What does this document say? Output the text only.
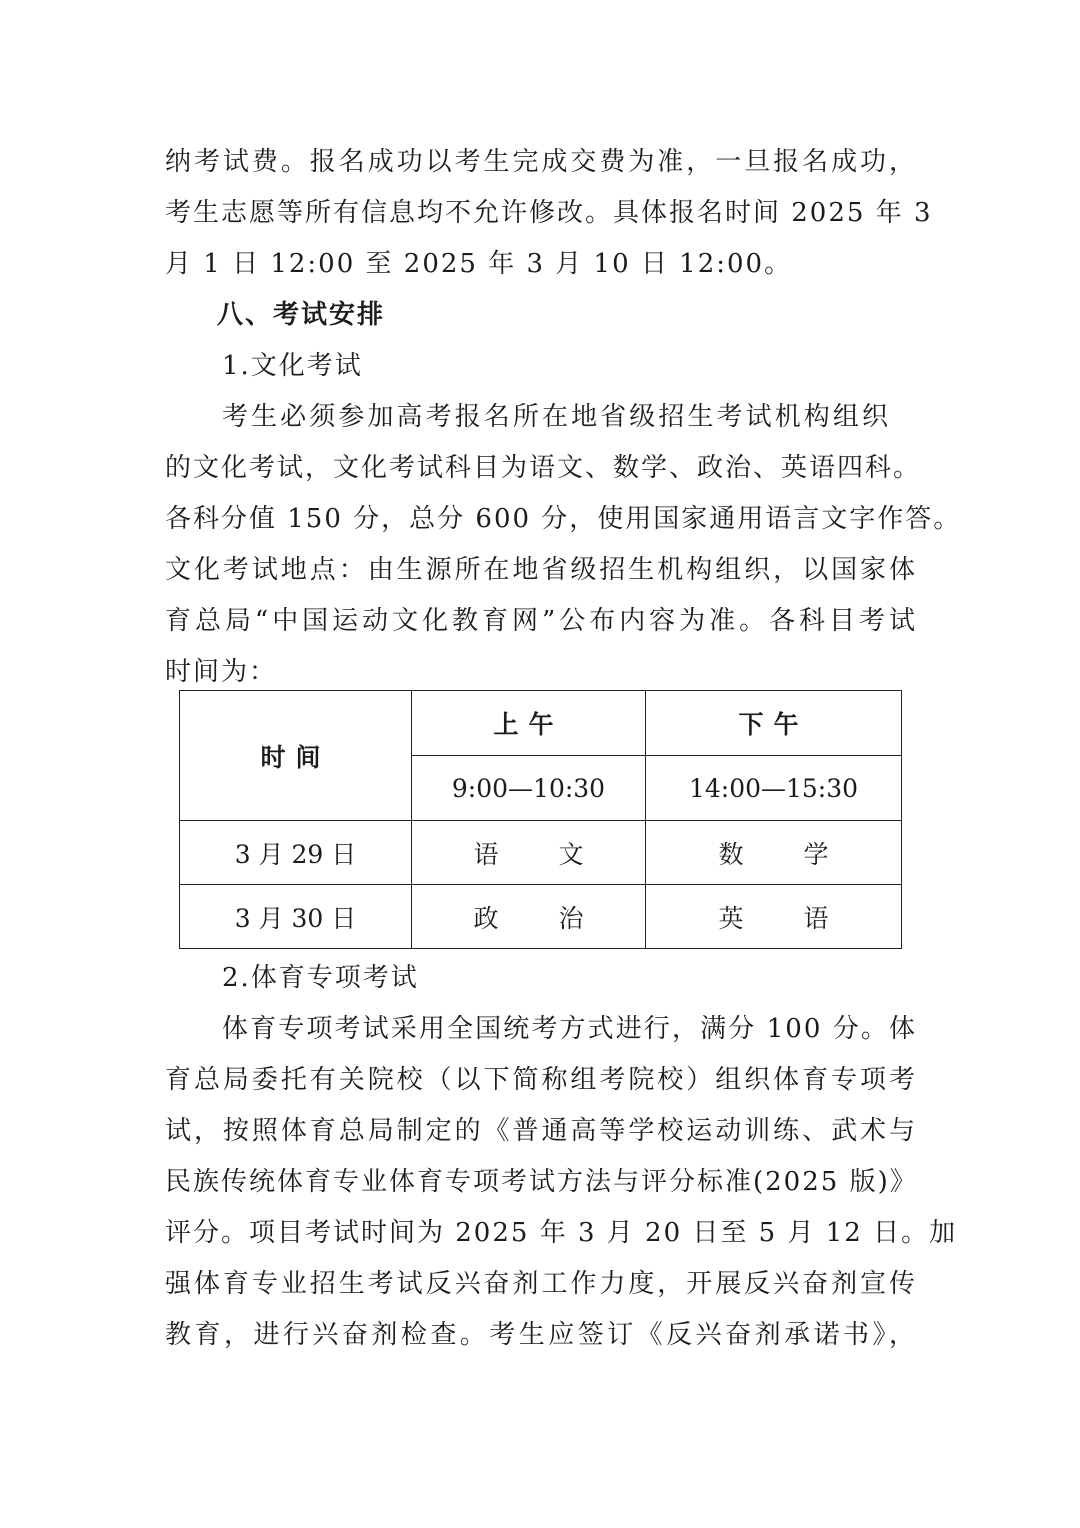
纳考试费。报名成功以考生完成交费为准，一旦报名成功，
考生志愿等所有信息均不允许修改。具体报名时间 2025 年 3
月 1 日 12:00 至 2025 年 3 月 10 日 12:00。
八、考试安排
1.文化考试
考生必须参加高考报名所在地省级招生考试机构组织
的文化考试，文化考试科目为语文、数学、政治、英语四科。
各科分值 150 分，总分 600 分，使用国家通用语言文字作答。
文化考试地点：由生源所在地省级招生机构组织，以国家体
育总局“中国运动文化教育网”公布内容为准。各科目考试
时间为：
时间	上午	下午
	9:00—10:30	14:00—15:30
3 月 29 日	语 文	数 学
3 月 30 日	政 治	英 语
2.体育专项考试
体育专项考试采用全国统考方式进行，满分 100 分。体
育总局委托有关院校（以下简称组考院校）组织体育专项考
试，按照体育总局制定的《普通高等学校运动训练、武术与
民族传统体育专业体育专项考试方法与评分标准(2025 版)》
评分。项目考试时间为 2025 年 3 月 20 日至 5 月 12 日。加
强体育专业招生考试反兴奋剂工作力度，开展反兴奋剂宣传
教育，进行兴奋剂检查。考生应签订《反兴奋剂承诺书》，
